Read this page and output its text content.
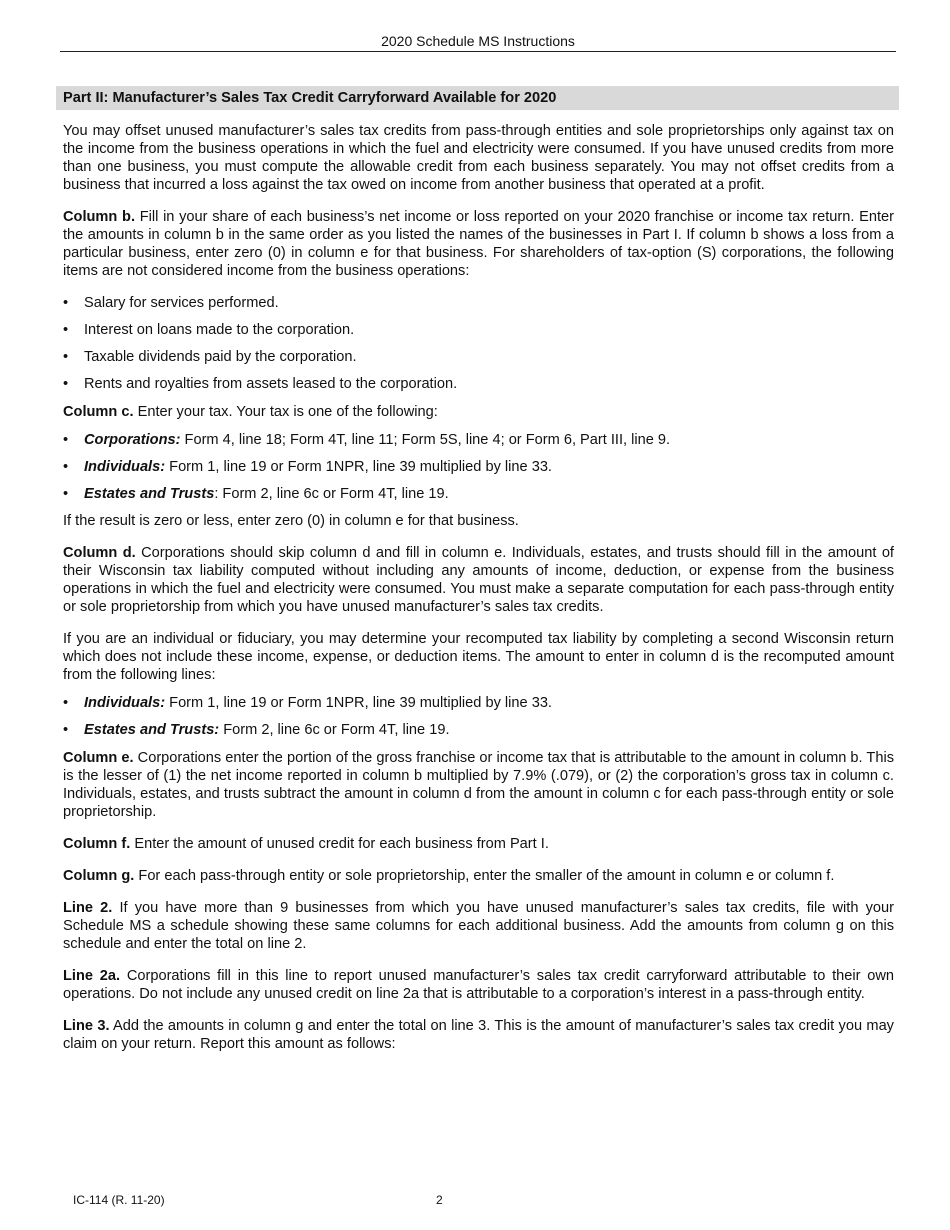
2020 Schedule MS Instructions
Part II: Manufacturer’s Sales Tax Credit Carryforward Available for 2020

You may offset unused manufacturer’s sales tax credits from pass-through entities and sole proprietorships only against tax on the income from the business operations in which the fuel and electricity were consumed. If you have unused credits from more than one business, you must compute the allowable credit from each business separately. You may not offset credits from a business that incurred a loss against the tax owed on income from another business that operated at a profit.

Column b. Fill in your share of each business’s net income or loss reported on your 2020 franchise or income tax return. Enter the amounts in column b in the same order as you listed the names of the businesses in Part I. If column b shows a loss from a particular business, enter zero (0) in column e for that business. For shareholders of tax-option (S) corporations, the following items are not considered income from the business operations:

• Salary for services performed.
• Interest on loans made to the corporation.
• Taxable dividends paid by the corporation.
• Rents and royalties from assets leased to the corporation.

Column c. Enter your tax. Your tax is one of the following:

• Corporations: Form 4, line 18; Form 4T, line 11; Form 5S, line 4; or Form 6, Part III, line 9.
• Individuals: Form 1, line 19 or Form 1NPR, line 39 multiplied by line 33.
• Estates and Trusts: Form 2, line 6c or Form 4T, line 19.

If the result is zero or less, enter zero (0) in column e for that business.

Column d. Corporations should skip column d and fill in column e. Individuals, estates, and trusts should fill in the amount of their Wisconsin tax liability computed without including any amounts of income, deduction, or expense from the business operations in which the fuel and electricity were consumed. You must make a separate computation for each pass-through entity or sole proprietorship from which you have unused manufacturer’s sales tax credits.

If you are an individual or fiduciary, you may determine your recomputed tax liability by completing a second Wisconsin return which does not include these income, expense, or deduction items. The amount to enter in column d is the recomputed amount from the following lines:

• Individuals: Form 1, line 19 or Form 1NPR, line 39 multiplied by line 33.
• Estates and Trusts: Form 2, line 6c or Form 4T, line 19.

Column e. Corporations enter the portion of the gross franchise or income tax that is attributable to the amount in column b. This is the lesser of (1) the net income reported in column b multiplied by 7.9% (.079), or (2) the corporation’s gross tax in column c. Individuals, estates, and trusts subtract the amount in column d from the amount in column c for each pass-through entity or sole proprietorship.

Column f. Enter the amount of unused credit for each business from Part I.

Column g. For each pass-through entity or sole proprietorship, enter the smaller of the amount in column e or column f.

Line 2. If you have more than 9 businesses from which you have unused manufacturer’s sales tax credits, file with your Schedule MS a schedule showing these same columns for each additional business. Add the amounts from column g on this schedule and enter the total on line 2.

Line 2a. Corporations fill in this line to report unused manufacturer’s sales tax credit carryforward attributable to their own operations. Do not include any unused credit on line 2a that is attributable to a corporation’s interest in a pass-through entity.

Line 3. Add the amounts in column g and enter the total on line 3. This is the amount of manufacturer’s sales tax credit you may claim on your return. Report this amount as follows:

IC-114 (R. 11-20)	2
